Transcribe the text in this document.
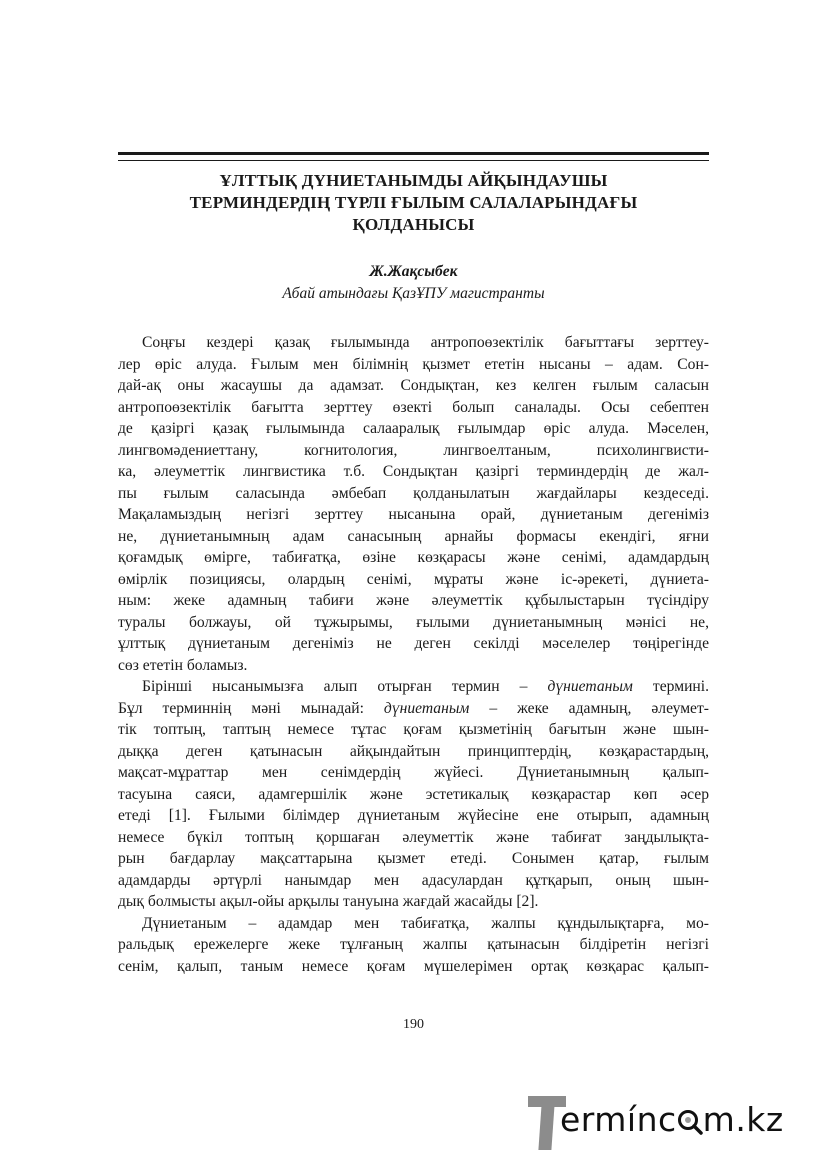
ҰЛТТЫҚ ДҮНИЕТАНЫМДЫ АЙҚЫНДАУШЫ
ТЕРМИНДЕРДІҢ ТҮРЛІ ҒЫЛЫМ САЛАЛАРЫНДАҒЫ
ҚОЛДАНЫСЫ

Ж.Жақсыбек

Абай атындағы ҚазҰПУ магистранты

Соңғы кездері қазақ ғылымында антропоөзектілік бағыттағы зерттеу-
лер өріс алуда. Ғылым мен білімнің қызмет ететін нысаны – адам. Сон-
дай-ақ оны жасаушы да адамзат. Сондықтан, кез келген ғылым саласын
антропоөзектілік бағытта зерттеу өзекті болып саналады. Осы себептен
де қазіргі қазақ ғылымында салааралық ғылымдар өріс алуда. Мәселен,
лингвомәдениеттану, когнитология, лингвоелтаным, психолингвисти-
ка, әлеуметтік лингвистика т.б. Сондықтан қазіргі терминдердің де жал-
пы ғылым саласында әмбебап қолданылатын жағдайлары кездеседі.
Мақаламыздың негізгі зерттеу нысанына орай, дүниетаным дегеніміз
не, дүниетанымның адам санасының арнайы формасы екендігі, яғни
қоғамдық өмірге, табиғатқа, өзіне көзқарасы және сенімі, адамдардың
өмірлік позициясы, олардың сенімі, мұраты және іс-әрекеті, дүниета-
ным: жеке адамның табиғи және әлеуметтік құбылыстарын түсіндіру
туралы болжауы, ой тұжырымы, ғылыми дүниетанымның мәнісі не,
ұлттық дүниетаным дегеніміз не деген секілді мәселелер төңірегінде
сөз ететін боламыз.

Бірінші нысанымызға алып отырған термин – дүниетаным термині.
Бұл терминнің мәні мынадай: дүниетаным – жеке адамның, әлеумет-
тік топтың, таптың немесе тұтас қоғам қызметінің бағытын және шын-
дыққа деген қатынасын айқындайтын принциптердің, көзқарастардың,
мақсат-мұраттар мен сенімдердің жүйесі. Дүниетанымның қалып-
тасуына саяси, адамгершілік және эстетикалық көзқарастар көп әсер
етеді [1]. Ғылыми білімдер дүниетаным жүйесіне ене отырып, адамның
немесе бүкіл топтың қоршаған әлеуметтік және табиғат заңдылықта-
рын бағдарлау мақсаттарына қызмет етеді. Сонымен қатар, ғылым
адамдарды әртүрлі нанымдар мен адасулардан құтқарып, оның шын-
дық болмысты ақыл-ойы арқылы тануына жағдай жасайды [2].

Дүниетаным – адамдар мен табиғатқа, жалпы құндылықтарға, мо-
ральдық ережелерге жеке тұлғаның жалпы қатынасын білдіретін негізгі
сенім, қалып, таным немесе қоғам мүшелерімен ортақ көзқарас қалып-

190

ermínc m.kz
